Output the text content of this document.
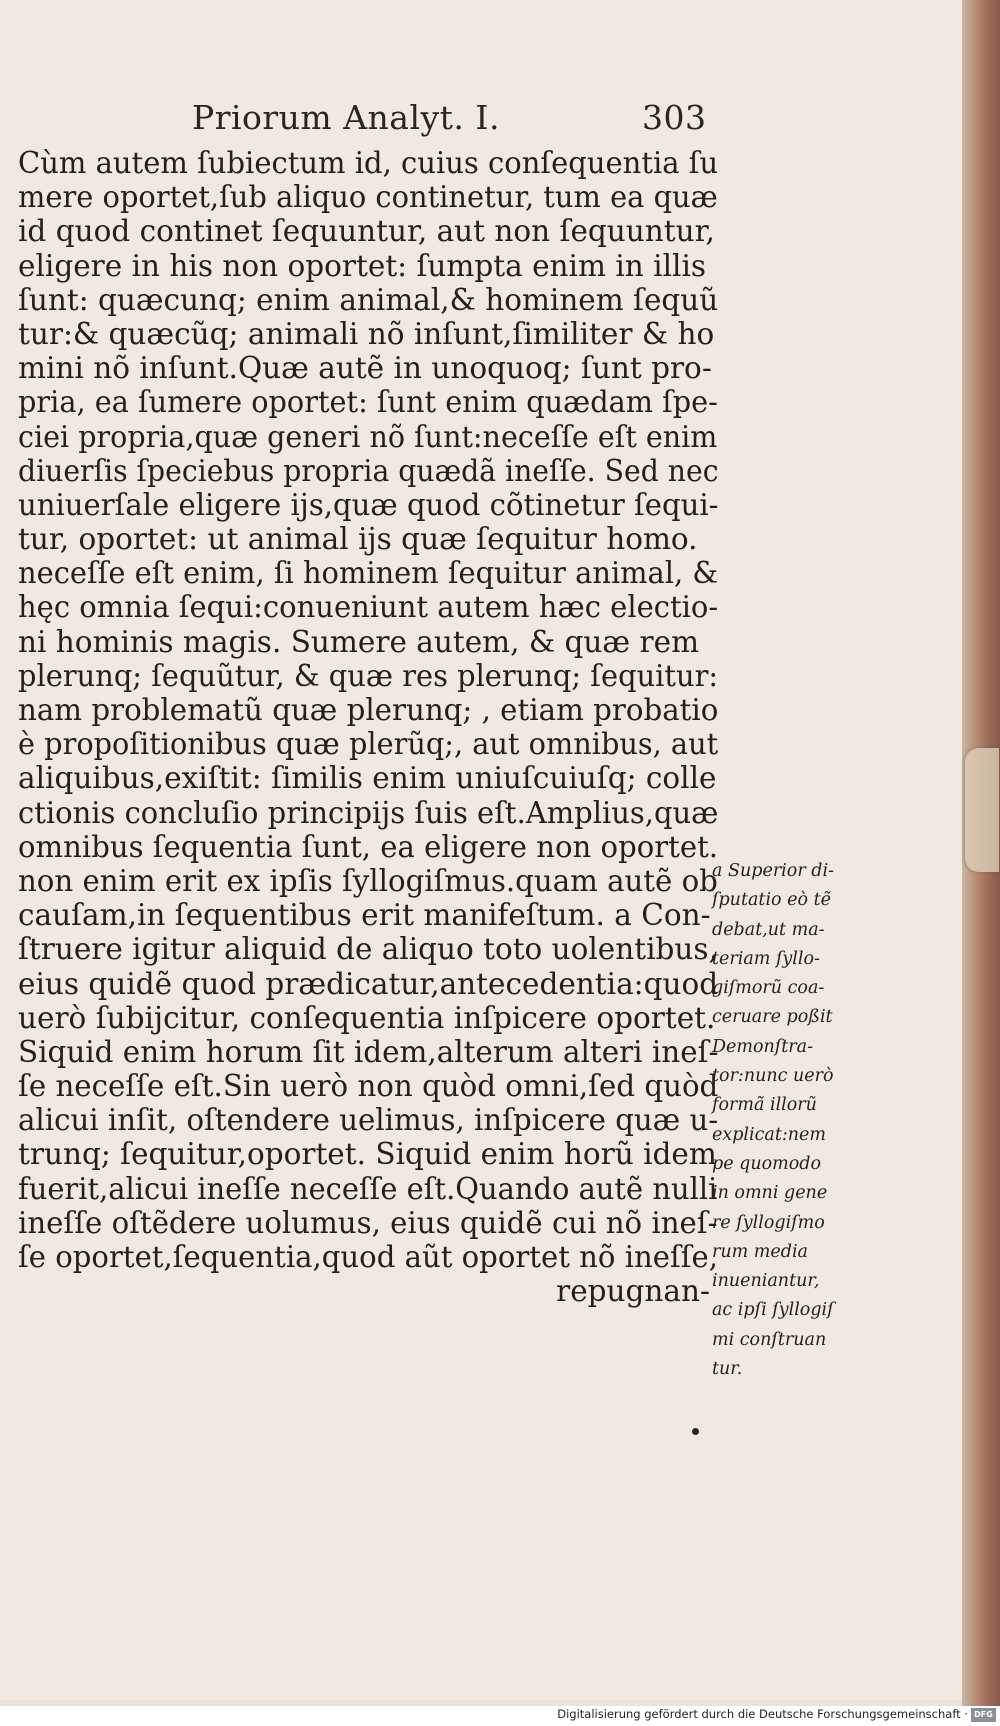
Priorum Analyt. I.	303
Cùm autem ſubiectum id, cuius conſequentia ſu
mere oportet,ſub aliquo continetur, tum ea quæ
id quod continet ſequuntur, aut non ſequuntur,
eligere in his non oportet: ſumpta enim in illis
ſunt: quæcunq; enim animal,& hominem ſequũ
tur:& quæcũq; animali nõ inſunt,ſimiliter & ho
mini nõ inſunt.Quæ autẽ in unoquoq; ſunt pro-
pria, ea ſumere oportet: ſunt enim quædam ſpe-
ciei propria,quæ generi nõ ſunt:neceſſe eſt enim
diuerſis ſpeciebus propria quædã ineſſe. Sed nec
uniuerſale eligere ijs,quæ quod cõtinetur ſequi-
tur, oportet: ut animal ijs quæ ſequitur homo.
neceſſe eſt enim, ſi hominem ſequitur animal, &
hęc omnia ſequi:conueniunt autem hæc electio-
ni hominis magis. Sumere autem, & quæ rem
plerunq; ſequũtur, & quæ res plerunq; ſequitur:
nam problematũ quæ plerunq; , etiam probatio
è propoſitionibus quæ plerũq;, aut omnibus, aut
aliquibus,exiſtit: ſimilis enim uniuſcuiuſq; colle
ctionis concluſio principijs ſuis eſt.Amplius,quæ
omnibus ſequentia ſunt, ea eligere non oportet.
non enim erit ex ipſis ſyllogiſmus.quam autẽ ob
cauſam,in ſequentibus erit manifeſtum. a Con-
ſtruere igitur aliquid de aliquo toto uolentibus,
eius quidẽ quod prædicatur,antecedentia:quod
uerò ſubijcitur, conſequentia inſpicere oportet.
Siquid enim horum ſit idem,alterum alteri ineſ-
ſe neceſſe eſt.Sin uerò non quòd omni,ſed quòd
alicui inſit, oſtendere uelimus, inſpicere quæ u-
trunq; ſequitur,oportet. Siquid enim horũ idem
fuerit,alicui ineſſe neceſſe eſt.Quando autẽ nulli
ineſſe oſtẽdere uolumus, eius quidẽ cui nõ ineſ-
ſe oportet,ſequentia,quod aũt oportet nõ ineſſe,
repugnan-
a Superior di-
ſputatio eò tẽ
debat,ut ma-
teriam ſyllo-
giſmorũ coa-
ceruare poßit
Demonſtra-
tor:nunc uerò
formã illorũ
explicat:nem
pe quomodo
in omni gene
re ſyllogiſmo
rum media
inueniantur,
ac ipſi ſyllogiſ
mi conſtruan
tur.
Digitalisierung gefördert durch die Deutsche Forschungsgemeinschaft · DFG
